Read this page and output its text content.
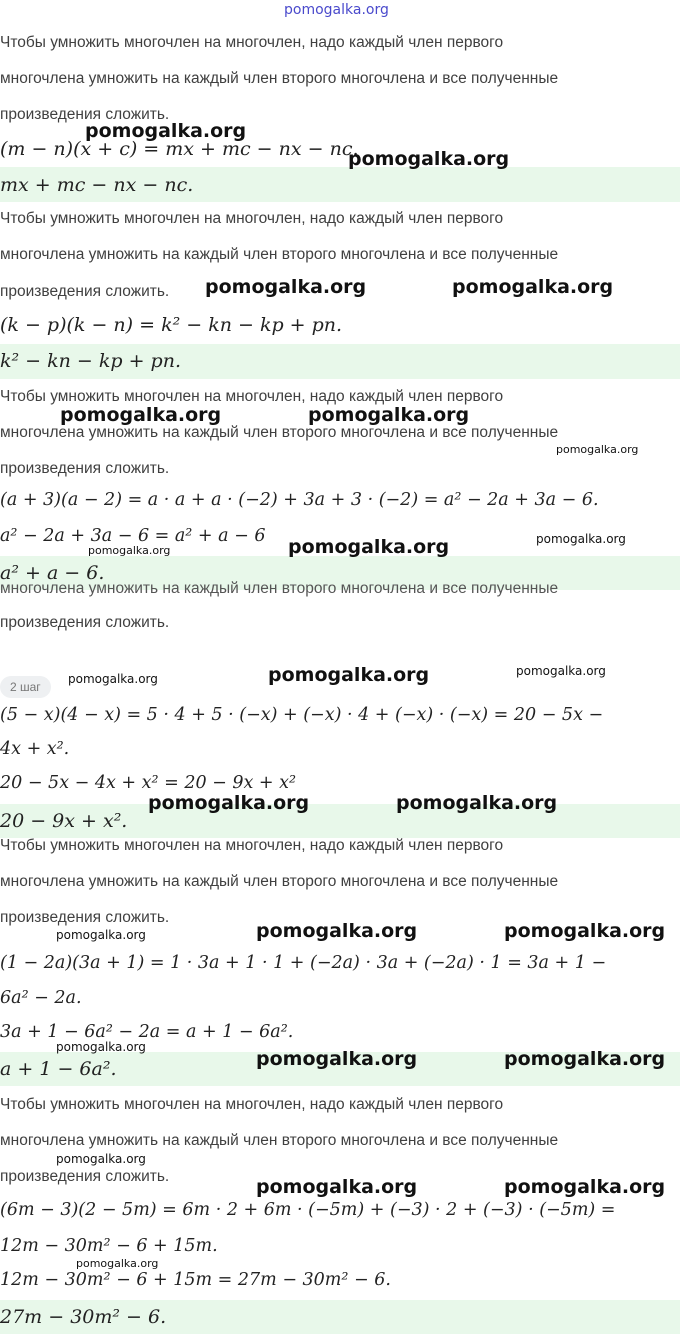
pomogalka.org
Чтобы умножить многочлен на многочлен, надо каждый член первого
многочлена умножить на каждый член второго многочлена и все полученные
произведения сложить.
(m − n)(x + c) = mx + mc − nx − nc.
mx + mc − nx − nc.
Чтобы умножить многочлен на многочлен, надо каждый член первого
многочлена умножить на каждый член второго многочлена и все полученные
произведения сложить.
(k − p)(k − n) = k² − kn − kp + pn.
k² − kn − kp + pn.
Чтобы умножить многочлен на многочлен, надо каждый член первого
многочлена умножить на каждый член второго многочлена и все полученные
произведения сложить.
(a + 3)(a − 2) = a · a + a · (−2) + 3a + 3 · (−2) = a² − 2a + 3a − 6.
a² − 2a + 3a − 6 = a² + a − 6
a² + a − 6.
многочлена умножить на каждый член второго многочлена и все полученные
произведения сложить.
2 шаг
(5 − x)(4 − x) = 5 · 4 + 5 · (−x) + (−x) · 4 + (−x) · (−x) = 20 − 5x −
4x + x².
20 − 5x − 4x + x² = 20 − 9x + x²
20 − 9x + x².
Чтобы умножить многочлен на многочлен, надо каждый член первого
многочлена умножить на каждый член второго многочлена и все полученные
произведения сложить.
(1 − 2a)(3a + 1) = 1 · 3a + 1 · 1 + (−2a) · 3a + (−2a) · 1 = 3a + 1 −
6a² − 2a.
3a + 1 − 6a² − 2a = a + 1 − 6a².
a + 1 − 6a².
Чтобы умножить многочлен на многочлен, надо каждый член первого
многочлена умножить на каждый член второго многочлена и все полученные
произведения сложить.
(6m − 3)(2 − 5m) = 6m · 2 + 6m · (−5m) + (−3) · 2 + (−3) · (−5m) =
12m − 30m² − 6 + 15m.
12m − 30m² − 6 + 15m = 27m − 30m² − 6.
27m − 30m² − 6.
pomogalka.org
pomogalka.org
pomogalka.org	pomogalka.org
pomogalka.org	pomogalka.org
pomogalka.org
pomogalka.org	pomogalka.org	pomogalka.org
pomogalka.org	pomogalka.org	pomogalka.org
pomogalka.org	pomogalka.org
pomogalka.org	pomogalka.org	pomogalka.org
pomogalka.org
pomogalka.org	pomogalka.org
pomogalka.org
pomogalka.org	pomogalka.org
pomogalka.org
